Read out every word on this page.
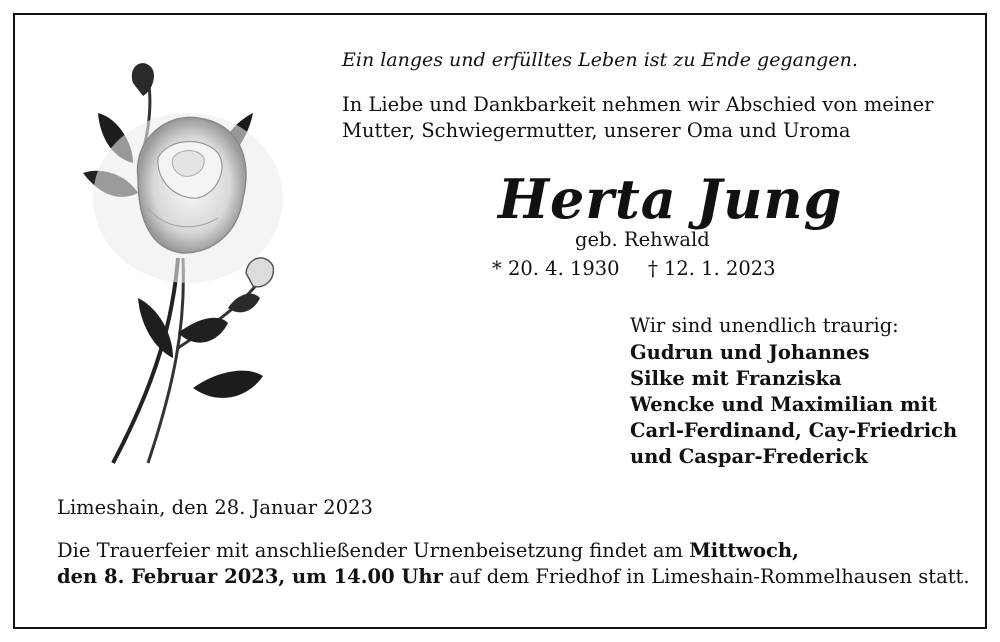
Ein langes und erfülltes Leben ist zu Ende gegangen.
In Liebe und Dankbarkeit nehmen wir Abschied von meiner
Mutter, Schwiegermutter, unserer Oma und Uroma
Herta Jung
geb. Rehwald
* 20. 4. 1930 † 12. 1. 2023
Wir sind unendlich traurig:
Gudrun und Johannes
Silke mit Franziska
Wencke und Maximilian mit
Carl-Ferdinand, Cay-Friedrich
und Caspar-Frederick
Limeshain, den 28. Januar 2023
Die Trauerfeier mit anschließender Urnenbeisetzung findet am Mittwoch,
den 8. Februar 2023, um 14.00 Uhr auf dem Friedhof in Limeshain-Rommelhausen statt.
